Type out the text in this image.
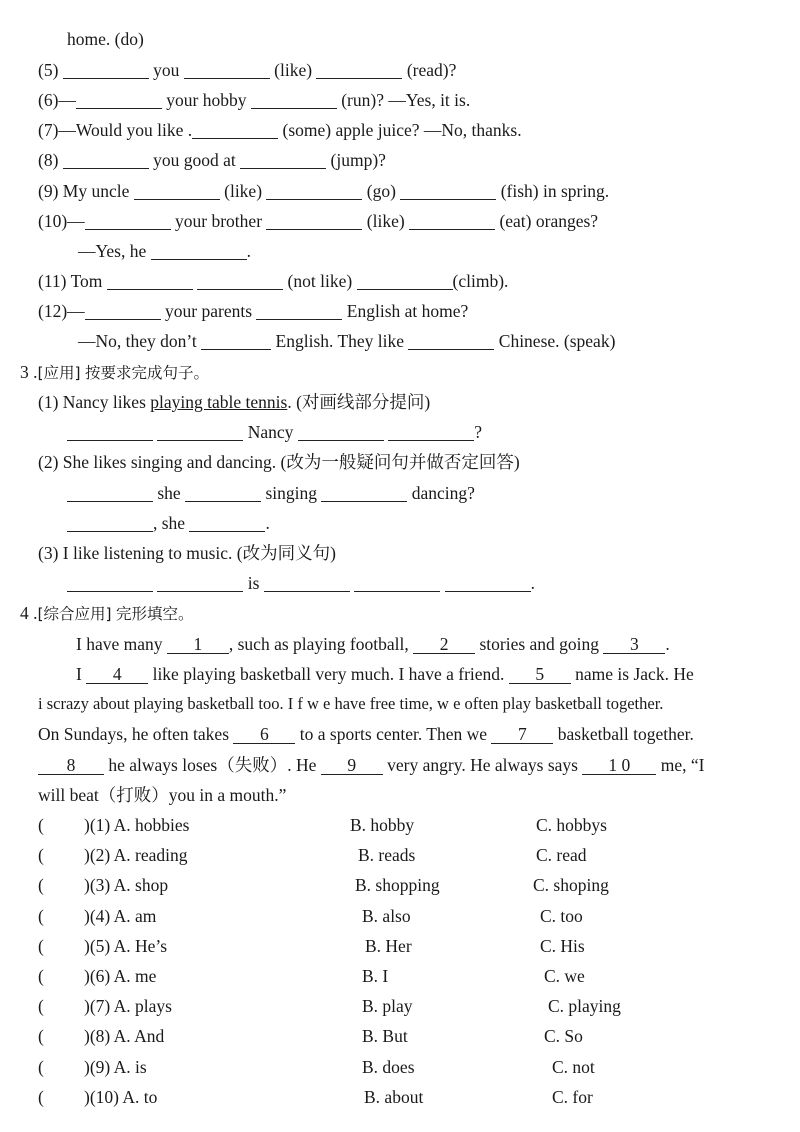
home. (do)
(5)	you	(like)	(read)?
(6)—	your hobby	(run)? —Yes, it is.
(7)—Would you like .	(some) apple juice? —No, thanks.
(8)	you good at	(jump)?
(9) My uncle	(like)	(go)	(fish) in spring.
(10)—	your brother	(like)	(eat) oranges?
—Yes, he	.
(11) Tom	(not like)	(climb).
(12)—	your parents	English at home?
—No, they don’t	English. They like	Chinese. (speak)
3 .[应用] 按要求完成句子。
(1) Nancy likes playing table tennis. (对画线部分提问)
Nancy	?
(2) She likes singing and dancing. (改为一般疑问句并做否定回答)
she	singing	dancing?
, she	.
(3) I like listening to music. (改为同义句)
is	.
4 .[综合应用] 完形填空。
I have many 1 , such as playing football, 2 stories and going 3 .
I 4 like playing basketball very much. I have a friend. 5 name is Jack. He
i scrazy about playing basketball too. I f w e have free time, w e often play basketball together.
On Sundays, he often takes 6 to a sports center. Then we 7 basketball together.
8 he always loses（失败）. He 9 very angry. He always says 1 0 me, “I
will beat（打败）you in a mouth.”
( )(1) A. hobbies	B. hobby	C. hobbys
( )(2) A. reading	B. reads	C. read
( )(3) A. shop	B. shopping	C. shoping
( )(4) A. am	B. also	C. too
( )(5) A. He’s	B. Her	C. His
( )(6) A. me	B. I	C. we
( )(7) A. plays	B. play	C. playing
( )(8) A. And	B. But	C. So
( )(9) A. is	B. does	C. not
( )(10) A. to	B. about	C. for
